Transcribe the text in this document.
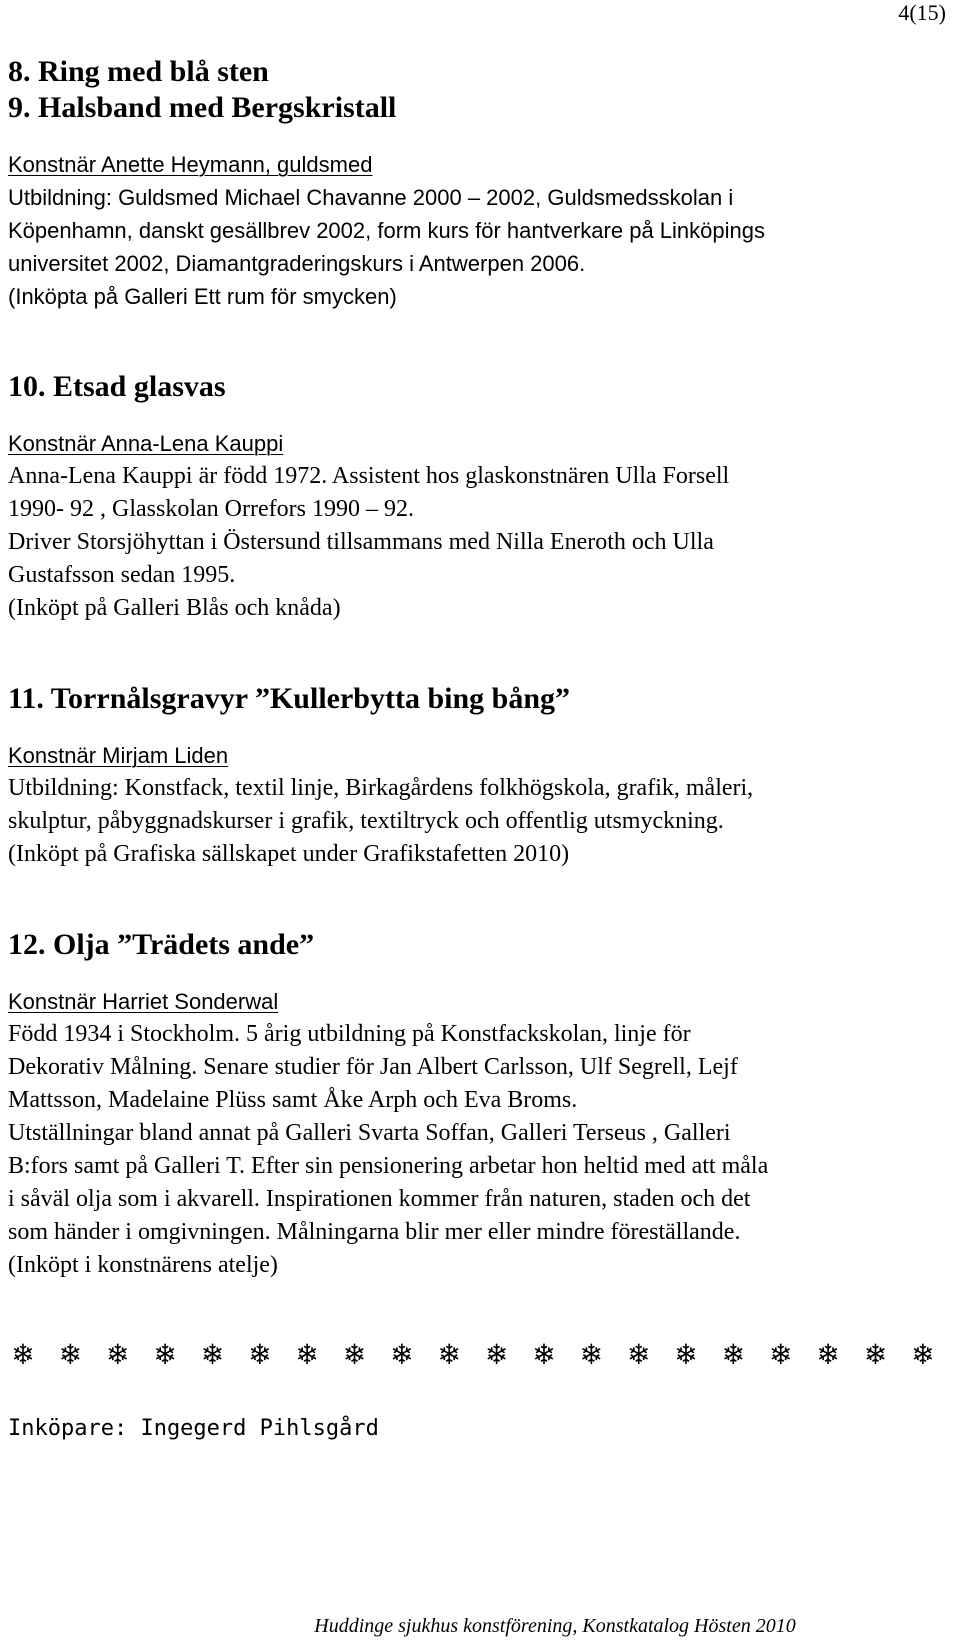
4(15)

8. Ring med blå sten

9. Halsband med Bergskristall

Konstnär Anette Heymann, guldsmed

Utbildning: Guldsmed Michael Chavanne 2000 – 2002, Guldsmedsskolan i

Köpenhamn, danskt gesällbrev 2002, form kurs för hantverkare på Linköpings

universitet 2002, Diamantgraderingskurs i Antwerpen 2006.

(Inköpta på Galleri Ett rum för smycken)

10. Etsad glasvas

Konstnär Anna-Lena Kauppi

Anna-Lena Kauppi är född 1972. Assistent hos glaskonstnären Ulla Forsell

1990- 92 , Glasskolan Orrefors 1990 – 92.

Driver Storsjöhyttan i Östersund tillsammans med Nilla Eneroth och Ulla

Gustafsson sedan 1995.

(Inköpt på Galleri Blås och knåda)

11. Torrnålsgravyr ”Kullerbytta bing bång”

Konstnär Mirjam Liden

Utbildning: Konstfack, textil linje, Birkagårdens folkhögskola, grafik, måleri,

skulptur, påbyggnadskurser i grafik, textiltryck och offentlig utsmyckning.

(Inköpt på Grafiska sällskapet under Grafikstafetten 2010)

12. Olja ”Trädets ande”

Konstnär Harriet Sonderwal

Född 1934 i Stockholm. 5 årig utbildning på Konstfackskolan, linje för

Dekorativ Målning. Senare studier för Jan Albert Carlsson, Ulf Segrell, Lejf

Mattsson, Madelaine Plüss samt Åke Arph och Eva Broms.

Utställningar bland annat på Galleri Svarta Soffan, Galleri Terseus , Galleri

B:fors samt på Galleri T. Efter sin pensionering arbetar hon heltid med att måla

i såväl olja som i akvarell. Inspirationen kommer från naturen, staden och det

som händer i omgivningen. Målningarna blir mer eller mindre föreställande.

(Inköpt i konstnärens atelje)

❄ ❄ ❄ ❄ ❄ ❄ ❄ ❄ ❄ ❄ ❄ ❄ ❄ ❄ ❄ ❄ ❄ ❄ ❄ ❄

Inköpare: Ingegerd Pihlsgård

Huddinge sjukhus konstförening, Konstkatalog Hösten 2010
